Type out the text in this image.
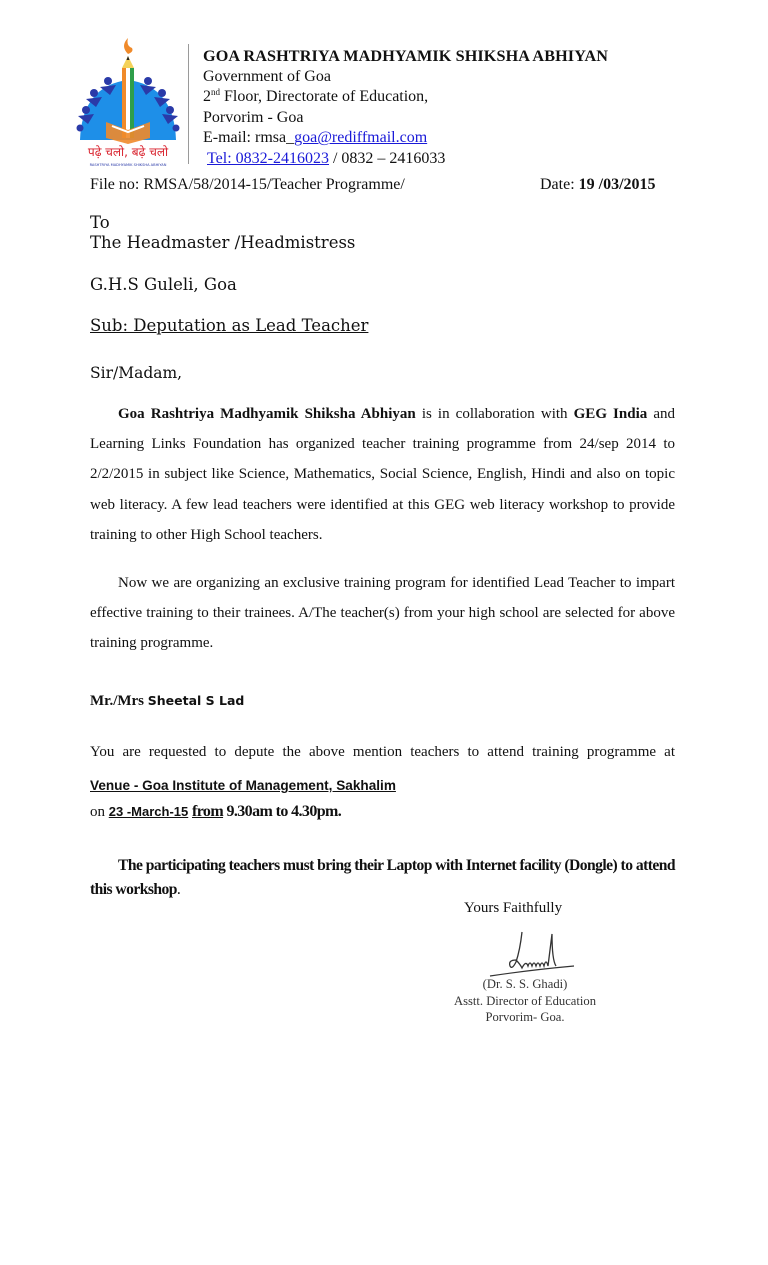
पढ़े चलो, बढ़े चलो
RASHTRIYA MADHYAMIK SHIKSHA ABHIYAN
GOA RASHTRIYA MADHYAMIK SHIKSHA ABHIYAN
Government of Goa
2nd Floor, Directorate of Education,
Porvorim - Goa
E-mail: rmsa_goa@rediffmail.com
Tel: 0832-2416023 / 0832 – 2416033
File no: RMSA/58/2014-15/Teacher Programme/	Date: 19 /03/2015
To
The Headmaster /Headmistress
G.H.S Guleli, Goa
Sub: Deputation as Lead Teacher
Sir/Madam,
Goa Rashtriya Madhyamik Shiksha Abhiyan is in collaboration with GEG India and Learning Links Foundation has organized teacher training programme from 24/sep 2014 to 2/2/2015 in subject like Science, Mathematics, Social Science, English, Hindi and also on topic web literacy. A few lead teachers were identified at this GEG web literacy workshop to provide training to other High School teachers.
Now we are organizing an exclusive training program for identified Lead Teacher to impart effective training to their trainees. A/The teacher(s) from your high school are selected for above training programme.
Mr./Mrs Sheetal S Lad
You are requested to depute the above mention teachers to attend training programme at
Venue - Goa Institute of Management, Sakhalim
on 23 -March-15 from 9.30am to 4.30pm.
The participating teachers must bring their Laptop with Internet facility (Dongle) to attend this workshop.
Yours Faithfully
(Dr. S. S. Ghadi)
Asstt. Director of Education
Porvorim- Goa.
